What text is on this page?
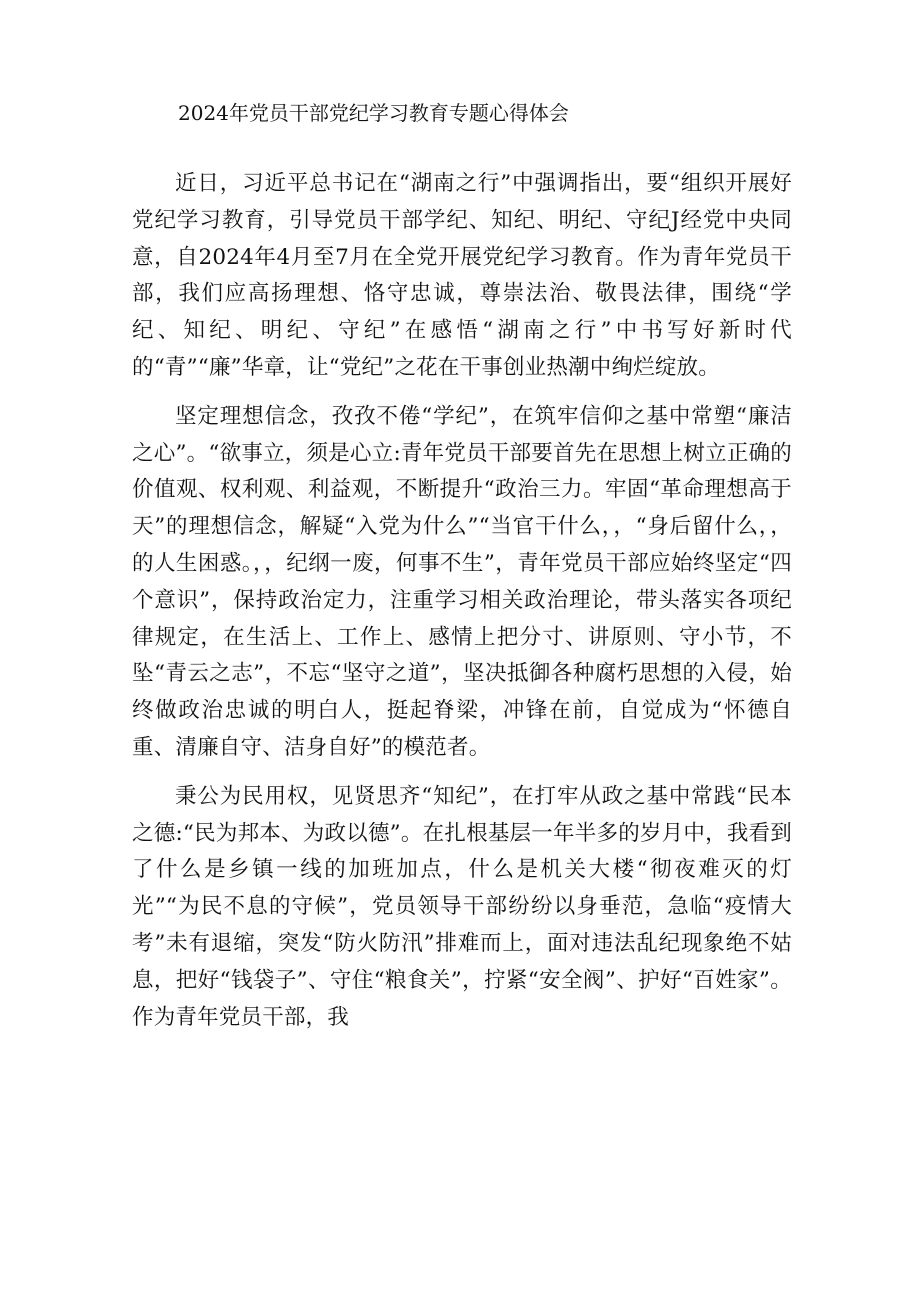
2024年党员干部党纪学习教育专题心得体会

近日，习近平总书记在“湖南之行”中强调指出，要“组织开展好党纪学习教育，引导党员干部学纪、知纪、明纪、守纪J经党中央同意，自2024年4月至7月在全党开展党纪学习教育。作为青年党员干部，我们应高扬理想、恪守忠诚，尊崇法治、敬畏法律，围绕“学纪、知纪、明纪、守纪”在感悟“湖南之行”中书写好新时代的“青”“廉”华章，让“党纪”之花在干事创业热潮中绚烂绽放。

坚定理想信念，孜孜不倦“学纪”，在筑牢信仰之基中常塑“廉洁之心”。“欲事立，须是心立:青年党员干部要首先在思想上树立正确的价值观、权利观、利益观，不断提升“政治三力。牢固“革命理想高于天”的理想信念，解疑“入党为什么”“当官干什么，，“身后留什么，，的人生困惑。，，纪纲一废，何事不生”，青年党员干部应始终坚定“四个意识”，保持政治定力，注重学习相关政治理论，带头落实各项纪律规定，在生活上、工作上、感情上把分寸、讲原则、守小节，不坠“青云之志”，不忘“坚守之道”，坚决抵御各种腐朽思想的入侵，始终做政治忠诚的明白人，挺起脊梁，冲锋在前，自觉成为“怀德自重、清廉自守、洁身自好”的模范者。

秉公为民用权，见贤思齐“知纪”，在打牢从政之基中常践“民本之德:“民为邦本、为政以德”。在扎根基层一年半多的岁月中，我看到了什么是乡镇一线的加班加点，什么是机关大楼“彻夜难灭的灯光”“为民不息的守候”，党员领导干部纷纷以身垂范，急临“疫情大考”未有退缩，突发“防火防汛”排难而上，面对违法乱纪现象绝不姑息，把好“钱袋子”、守住“粮食关”，拧紧“安全阀”、护好“百姓家”。作为青年党员干部，我
